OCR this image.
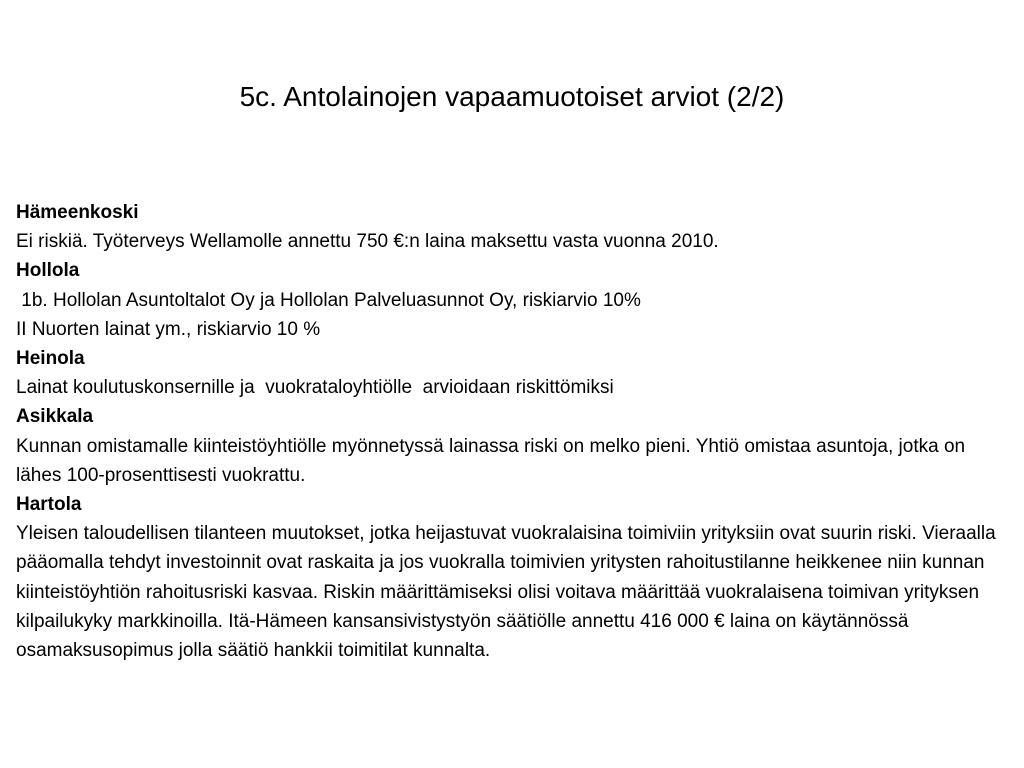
5c. Antolainojen vapaamuotoiset arviot (2/2)
Hämeenkoski
Ei riskiä. Työterveys Wellamolle annettu 750 €:n laina maksettu vasta vuonna 2010.
Hollola
1b. Hollolan Asuntoltalot Oy ja Hollolan Palveluasunnot Oy, riskiarvio 10%
II Nuorten lainat ym., riskiarvio 10 %
Heinola
Lainat koulutuskonsernille ja  vuokrataloyhtiölle  arvioidaan riskittömiksi
Asikkala
Kunnan omistamalle kiinteistöyhtiölle myönnetyssä lainassa riski on melko pieni. Yhtiö omistaa asuntoja, jotka on lähes 100-prosenttisesti vuokrattu.
Hartola
Yleisen taloudellisen tilanteen muutokset, jotka heijastuvat vuokralaisina toimiviin yrityksiin ovat suurin riski. Vieraalla pääomalla tehdyt investoinnit ovat raskaita ja jos vuokralla toimivien yritysten rahoitustilanne heikkenee niin kunnan kiinteistöyhtiön rahoitusriski kasvaa. Riskin määrittämiseksi olisi voitava määrittää vuokralaisena toimivan yrityksen kilpailukyky markkinoilla. Itä-Hämeen kansansivistystyön säätiölle annettu 416 000 € laina on käytännössä osamaksusopimus jolla säätiö hankkii toimitilat kunnalta.
